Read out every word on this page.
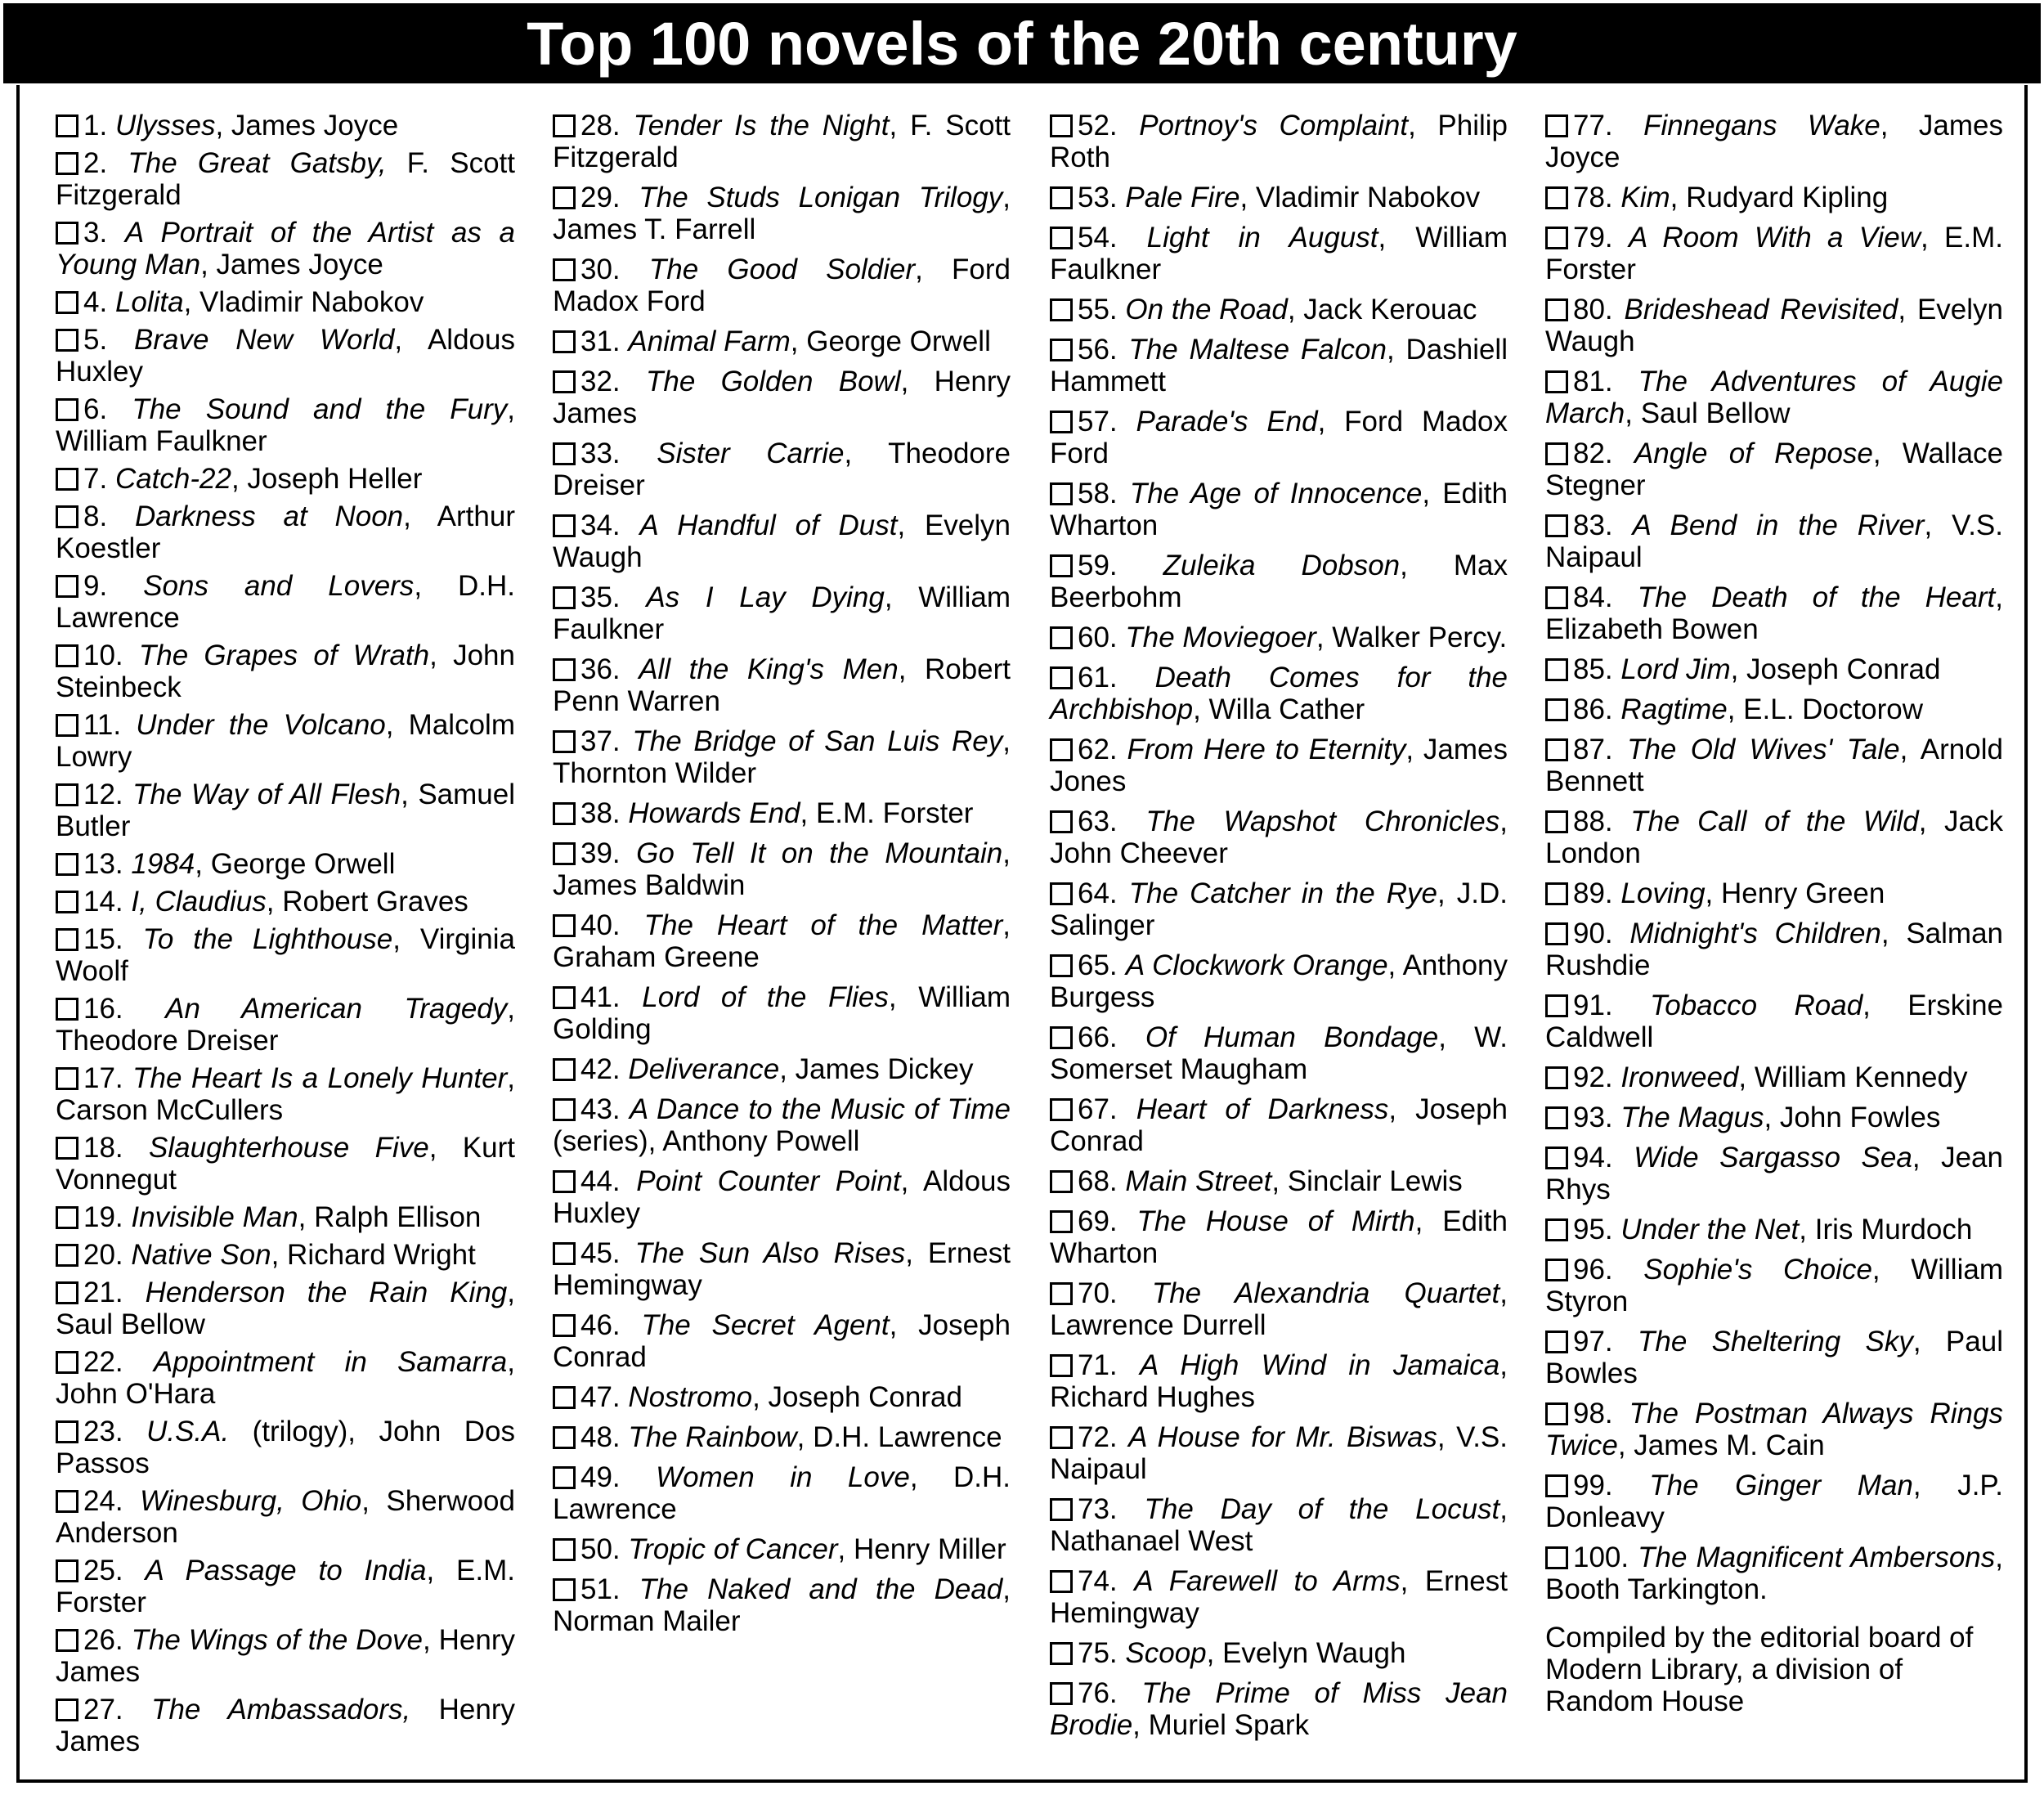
Top 100 novels of the 20th century
1. Ulysses, James Joyce
2. The Great Gatsby, F. Scott Fitzgerald
3. A Portrait of the Artist as a Young Man, James Joyce
4. Lolita, Vladimir Nabokov
5. Brave New World, Aldous Huxley
6. The Sound and the Fury, William Faulkner
7. Catch-22, Joseph Heller
8. Darkness at Noon, Arthur Koestler
9. Sons and Lovers, D.H. Lawrence
10. The Grapes of Wrath, John Steinbeck
11. Under the Volcano, Malcolm Lowry
12. The Way of All Flesh, Samuel Butler
13. 1984, George Orwell
14. I, Claudius, Robert Graves
15. To the Lighthouse, Virginia Woolf
16. An American Tragedy, Theodore Dreiser
17. The Heart Is a Lonely Hunter, Carson McCullers
18. Slaughterhouse Five, Kurt Vonnegut
19. Invisible Man, Ralph Ellison
20. Native Son, Richard Wright
21. Henderson the Rain King, Saul Bellow
22. Appointment in Samarra, John O'Hara
23. U.S.A. (trilogy), John Dos Passos
24. Winesburg, Ohio, Sherwood Anderson
25. A Passage to India, E.M. Forster
26. The Wings of the Dove, Henry James
27. The Ambassadors, Henry James
28. Tender Is the Night, F. Scott Fitzgerald
29. The Studs Lonigan Trilogy, James T. Farrell
30. The Good Soldier, Ford Madox Ford
31. Animal Farm, George Orwell
32. The Golden Bowl, Henry James
33. Sister Carrie, Theodore Dreiser
34. A Handful of Dust, Evelyn Waugh
35. As I Lay Dying, William Faulkner
36. All the King's Men, Robert Penn Warren
37. The Bridge of San Luis Rey, Thornton Wilder
38. Howards End, E.M. Forster
39. Go Tell It on the Mountain, James Baldwin
40. The Heart of the Matter, Graham Greene
41. Lord of the Flies, William Golding
42. Deliverance, James Dickey
43. A Dance to the Music of Time (series), Anthony Powell
44. Point Counter Point, Aldous Huxley
45. The Sun Also Rises, Ernest Hemingway
46. The Secret Agent, Joseph Conrad
47. Nostromo, Joseph Conrad
48. The Rainbow, D.H. Lawrence
49. Women in Love, D.H. Lawrence
50. Tropic of Cancer, Henry Miller
51. The Naked and the Dead, Norman Mailer
52. Portnoy's Complaint, Philip Roth
53. Pale Fire, Vladimir Nabokov
54. Light in August, William Faulkner
55. On the Road, Jack Kerouac
56. The Maltese Falcon, Dashiell Hammett
57. Parade's End, Ford Madox Ford
58. The Age of Innocence, Edith Wharton
59. Zuleika Dobson, Max Beerbohm
60. The Moviegoer, Walker Percy.
61. Death Comes for the Archbishop, Willa Cather
62. From Here to Eternity, James Jones
63. The Wapshot Chronicles, John Cheever
64. The Catcher in the Rye, J.D. Salinger
65. A Clockwork Orange, Anthony Burgess
66. Of Human Bondage, W. Somerset Maugham
67. Heart of Darkness, Joseph Conrad
68. Main Street, Sinclair Lewis
69. The House of Mirth, Edith Wharton
70. The Alexandria Quartet, Lawrence Durrell
71. A High Wind in Jamaica, Richard Hughes
72. A House for Mr. Biswas, V.S. Naipaul
73. The Day of the Locust, Nathanael West
74. A Farewell to Arms, Ernest Hemingway
75. Scoop, Evelyn Waugh
76. The Prime of Miss Jean Brodie, Muriel Spark
77. Finnegans Wake, James Joyce
78. Kim, Rudyard Kipling
79. A Room With a View, E.M. Forster
80. Brideshead Revisited, Evelyn Waugh
81. The Adventures of Augie March, Saul Bellow
82. Angle of Repose, Wallace Stegner
83. A Bend in the River, V.S. Naipaul
84. The Death of the Heart, Elizabeth Bowen
85. Lord Jim, Joseph Conrad
86. Ragtime, E.L. Doctorow
87. The Old Wives' Tale, Arnold Bennett
88. The Call of the Wild, Jack London
89. Loving, Henry Green
90. Midnight's Children, Salman Rushdie
91. Tobacco Road, Erskine Caldwell
92. Ironweed, William Kennedy
93. The Magus, John Fowles
94. Wide Sargasso Sea, Jean Rhys
95. Under the Net, Iris Murdoch
96. Sophie's Choice, William Styron
97. The Sheltering Sky, Paul Bowles
98. The Postman Always Rings Twice, James M. Cain
99. The Ginger Man, J.P. Donleavy
100. The Magnificent Ambersons, Booth Tarkington.
Compiled by the editorial board of Modern Library, a division of Random House
